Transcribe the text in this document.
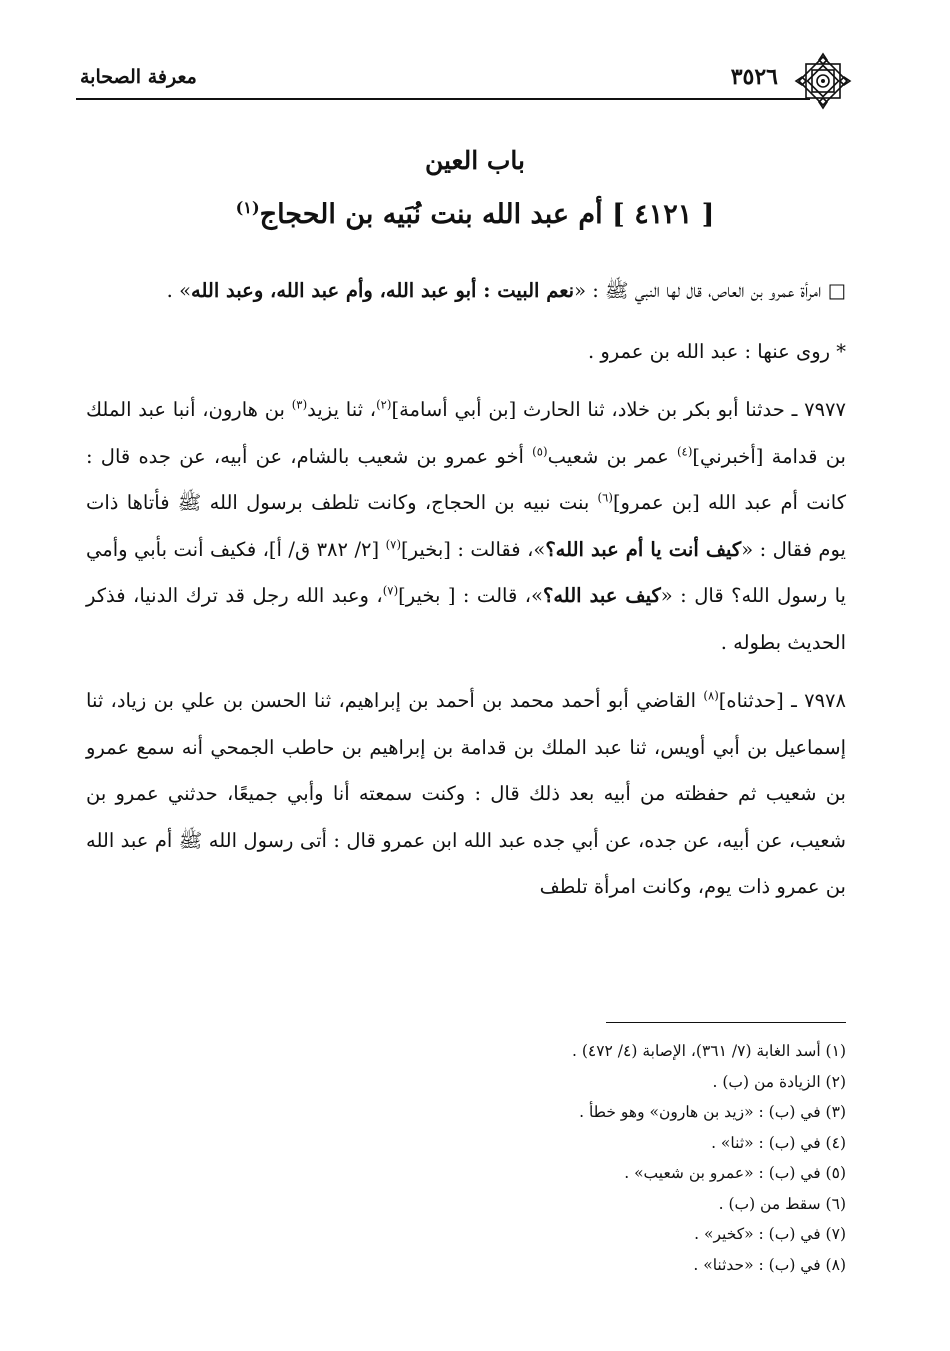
٣٥٢٦
معرفة الصحابة
باب العين
[ ٤١٢١ ] أم عبد الله بنت نُبَيه بن الحجاج$^{(١)}$

□ امرأة عمرو بن العاص، قال لها النبي ﷺ : «نعم البيت : أبو عبد الله، وأم عبد الله، وعبد الله» .

* روى عنها : عبد الله بن عمرو .

٧٩٧٧ ـ حدثنا أبو بكر بن خلاد، ثنا الحارث [بن أبي أسامة]$^{(٢)}$، ثنا يزيد$^{(٣)}$ بن هارون، أنبا عبد الملك بن قدامة [أخبرني]$^{(٤)}$ عمر بن شعيب$^{(٥)}$ أخو عمرو بن شعيب بالشام، عن أبيه، عن جده قال : كانت أم عبد الله [بن عمرو]$^{(٦)}$ بنت نبيه بن الحجاج، وكانت تلطف برسول الله ﷺ فأتاها ذات يوم فقال : «كيف أنت يا أم عبد الله؟»، فقالت : [بخير]$^{(٧)}$ [٢/ ٣٨٢ ق/ أ]، فكيف أنت بأبي وأمي يا رسول الله؟ قال : «كيف عبد الله؟»، قالت : [ بخير]$^{(٧)}$، وعبد الله رجل قد ترك الدنيا، فذكر الحديث بطوله .

٧٩٧٨ ـ [حدثناه]$^{(٨)}$ القاضي أبو أحمد محمد بن أحمد بن إبراهيم، ثنا الحسن بن علي بن زياد، ثنا إسماعيل بن أبي أويس، ثنا عبد الملك بن قدامة بن إبراهيم بن حاطب الجمحي أنه سمع عمرو بن شعيب ثم حفظته من أبيه بعد ذلك قال : وكنت سمعته أنا وأبي جميعًا، حدثني عمرو بن شعيب، عن أبيه، عن جده، عن أبي جده عبد الله ابن عمرو قال : أتى رسول الله ﷺ أم عبد الله بن عمرو ذات يوم، وكانت امرأة تلطف

(١) أسد الغابة (٧/ ٣٦١)، الإصابة (٤/ ٤٧٢) .
(٢) الزيادة من (ب) .
(٣) في (ب) : «زيد بن هارون» وهو خطأ .
(٤) في (ب) : «ثنا» .
(٥) في (ب) : «عمرو بن شعيب» .
(٦) سقط من (ب) .
(٧) في (ب) : «كخير» .
(٨) في (ب) : «حدثنا» .
